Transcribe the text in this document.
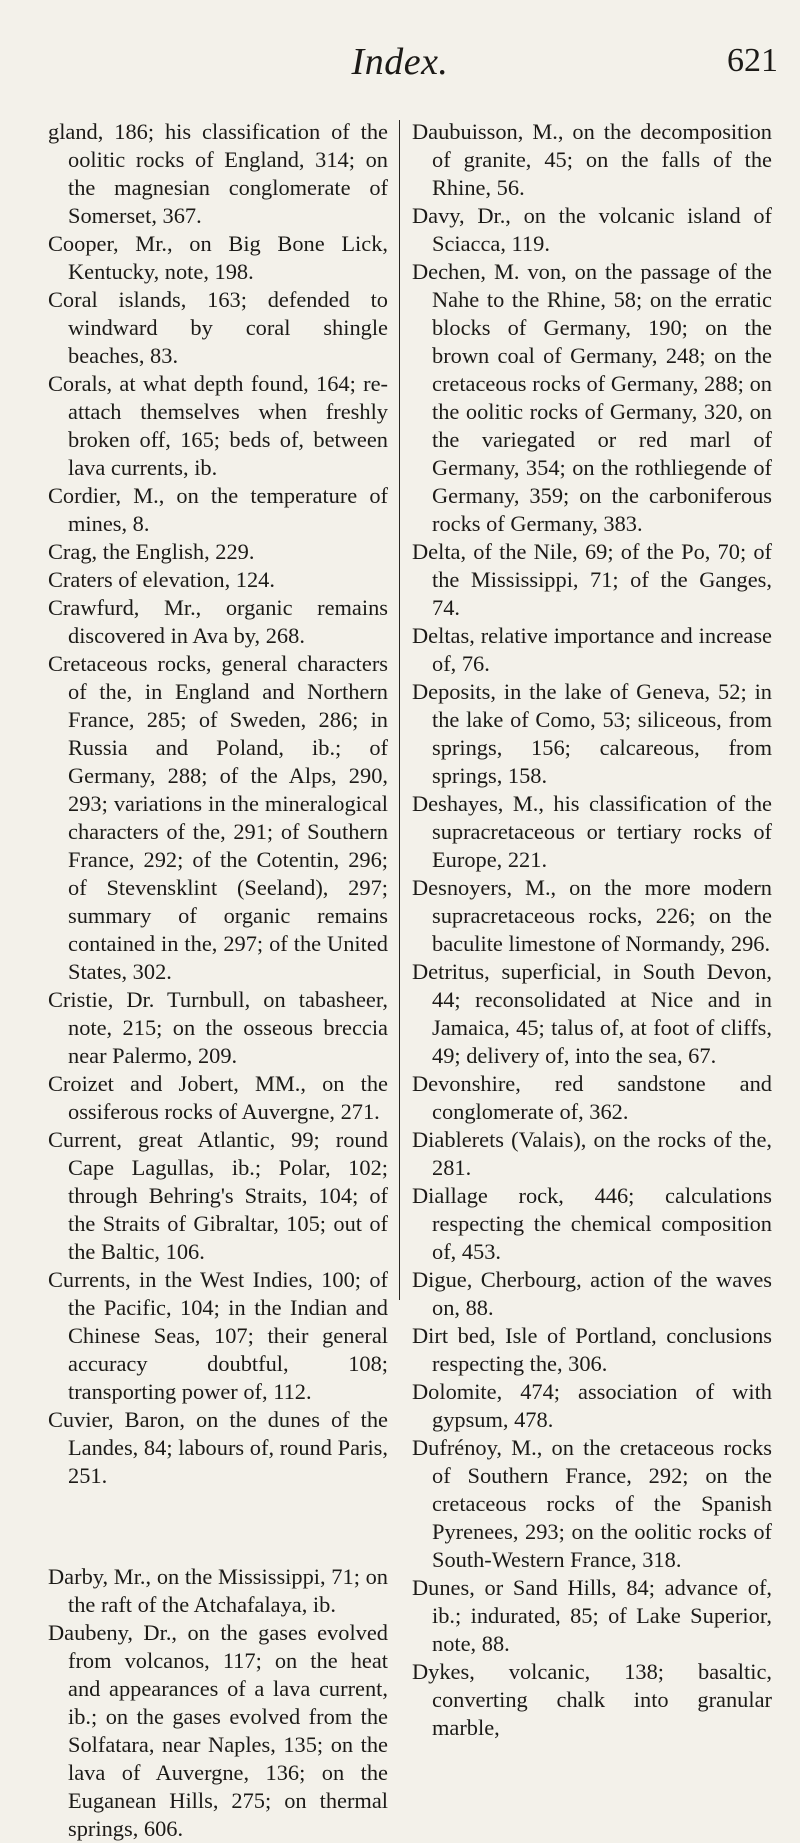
Index.	621

gland, 186; his classification of the oolitic rocks of England, 314; on the magnesian conglomerate of Somerset, 367.

Cooper, Mr., on Big Bone Lick, Kentucky, note, 198.

Coral islands, 163; defended to windward by coral shingle beaches, 83.

Corals, at what depth found, 164; re-attach themselves when freshly broken off, 165; beds of, between lava currents, ib.

Cordier, M., on the temperature of mines, 8.

Crag, the English, 229.

Craters of elevation, 124.

Crawfurd, Mr., organic remains discovered in Ava by, 268.

Cretaceous rocks, general characters of the, in England and Northern France, 285; of Sweden, 286; in Russia and Poland, ib.; of Germany, 288; of the Alps, 290, 293; variations in the mineralogical characters of the, 291; of Southern France, 292; of the Cotentin, 296; of Stevensklint (Seeland), 297; summary of organic remains contained in the, 297; of the United States, 302.

Cristie, Dr. Turnbull, on tabasheer, note, 215; on the osseous breccia near Palermo, 209.

Croizet and Jobert, MM., on the ossiferous rocks of Auvergne, 271.

Current, great Atlantic, 99; round Cape Lagullas, ib.; Polar, 102; through Behring's Straits, 104; of the Straits of Gibraltar, 105; out of the Baltic, 106.

Currents, in the West Indies, 100; of the Pacific, 104; in the Indian and Chinese Seas, 107; their general accuracy doubtful, 108; transporting power of, 112.

Cuvier, Baron, on the dunes of the Landes, 84; labours of, round Paris, 251.

Darby, Mr., on the Mississippi, 71; on the raft of the Atchafalaya, ib.

Daubeny, Dr., on the gases evolved from volcanos, 117; on the heat and appearances of a lava current, ib.; on the gases evolved from the Solfatara, near Naples, 135; on the lava of Auvergne, 136; on the Euganean Hills, 275; on thermal springs, 606.

Daubuisson, M., on the decomposition of granite, 45; on the falls of the Rhine, 56.

Davy, Dr., on the volcanic island of Sciacca, 119.

Dechen, M. von, on the passage of the Nahe to the Rhine, 58; on the erratic blocks of Germany, 190; on the brown coal of Germany, 248; on the cretaceous rocks of Germany, 288; on the oolitic rocks of Germany, 320, on the variegated or red marl of Germany, 354; on the rothliegende of Germany, 359; on the carboniferous rocks of Germany, 383.

Delta, of the Nile, 69; of the Po, 70; of the Mississippi, 71; of the Ganges, 74.

Deltas, relative importance and increase of, 76.

Deposits, in the lake of Geneva, 52; in the lake of Como, 53; siliceous, from springs, 156; calcareous, from springs, 158.

Deshayes, M., his classification of the supracretaceous or tertiary rocks of Europe, 221.

Desnoyers, M., on the more modern supracretaceous rocks, 226; on the baculite limestone of Normandy, 296.

Detritus, superficial, in South Devon, 44; reconsolidated at Nice and in Jamaica, 45; talus of, at foot of cliffs, 49; delivery of, into the sea, 67.

Devonshire, red sandstone and conglomerate of, 362.

Diablerets (Valais), on the rocks of the, 281.

Diallage rock, 446; calculations respecting the chemical composition of, 453.

Digue, Cherbourg, action of the waves on, 88.

Dirt bed, Isle of Portland, conclusions respecting the, 306.

Dolomite, 474; association of with gypsum, 478.

Dufrénoy, M., on the cretaceous rocks of Southern France, 292; on the cretaceous rocks of the Spanish Pyrenees, 293; on the oolitic rocks of South-Western France, 318.

Dunes, or Sand Hills, 84; advance of, ib.; indurated, 85; of Lake Superior, note, 88.

Dykes, volcanic, 138; basaltic, converting chalk into granular marble,
